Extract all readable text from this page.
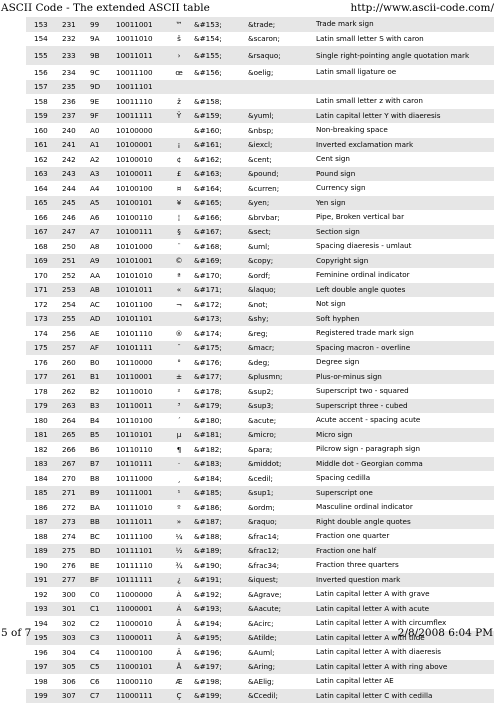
ASCII Code - The extended ASCII table	http://www.ascii-code.com/
153	231	99	10011001	™	&#153;	&trade;	Trade mark sign
154	232	9A	10011010	š	&#154;	&scaron;	Latin small letter S with caron
155	233	9B	10011011	›	&#155;	&rsaquo;	Single right-pointing angle quotation mark
156	234	9C	10011100	œ	&#156;	&oelig;	Latin small ligature oe
157	235	9D	10011101				
158	236	9E	10011110	ž	&#158;		Latin small letter z with caron
159	237	9F	10011111	Ÿ	&#159;	&yuml;	Latin capital letter Y with diaeresis
160	240	A0	10100000		&#160;	&nbsp;	Non-breaking space
161	241	A1	10100001	¡	&#161;	&iexcl;	Inverted exclamation mark
162	242	A2	10100010	¢	&#162;	&cent;	Cent sign
163	243	A3	10100011	£	&#163;	&pound;	Pound sign
164	244	A4	10100100	¤	&#164;	&curren;	Currency sign
165	245	A5	10100101	¥	&#165;	&yen;	Yen sign
166	246	A6	10100110	¦	&#166;	&brvbar;	Pipe, Broken vertical bar
167	247	A7	10100111	§	&#167;	&sect;	Section sign
168	250	A8	10101000	¨	&#168;	&uml;	Spacing diaeresis - umlaut
169	251	A9	10101001	©	&#169;	&copy;	Copyright sign
170	252	AA	10101010	ª	&#170;	&ordf;	Feminine ordinal indicator
171	253	AB	10101011	«	&#171;	&laquo;	Left double angle quotes
172	254	AC	10101100	¬	&#172;	&not;	Not sign
173	255	AD	10101101		&#173;	&shy;	Soft hyphen
174	256	AE	10101110	®	&#174;	&reg;	Registered trade mark sign
175	257	AF	10101111	¯	&#175;	&macr;	Spacing macron - overline
176	260	B0	10110000	°	&#176;	&deg;	Degree sign
177	261	B1	10110001	±	&#177;	&plusmn;	Plus-or-minus sign
178	262	B2	10110010	²	&#178;	&sup2;	Superscript two - squared
179	263	B3	10110011	³	&#179;	&sup3;	Superscript three - cubed
180	264	B4	10110100	´	&#180;	&acute;	Acute accent - spacing acute
181	265	B5	10110101	µ	&#181;	&micro;	Micro sign
182	266	B6	10110110	¶	&#182;	&para;	Pilcrow sign - paragraph sign
183	267	B7	10110111	·	&#183;	&middot;	Middle dot - Georgian comma
184	270	B8	10111000	¸	&#184;	&cedil;	Spacing cedilla
185	271	B9	10111001	¹	&#185;	&sup1;	Superscript one
186	272	BA	10111010	º	&#186;	&ordm;	Masculine ordinal indicator
187	273	BB	10111011	»	&#187;	&raquo;	Right double angle quotes
188	274	BC	10111100	¼	&#188;	&frac14;	Fraction one quarter
189	275	BD	10111101	½	&#189;	&frac12;	Fraction one half
190	276	BE	10111110	¾	&#190;	&frac34;	Fraction three quarters
191	277	BF	10111111	¿	&#191;	&iquest;	Inverted question mark
192	300	C0	11000000	À	&#192;	&Agrave;	Latin capital letter A with grave
193	301	C1	11000001	Á	&#193;	&Aacute;	Latin capital letter A with acute
194	302	C2	11000010	Â	&#194;	&Acirc;	Latin capital letter A with circumflex
195	303	C3	11000011	Ã	&#195;	&Atilde;	Latin capital letter A with tilde
196	304	C4	11000100	Ä	&#196;	&Auml;	Latin capital letter A with diaeresis
197	305	C5	11000101	Å	&#197;	&Aring;	Latin capital letter A with ring above
198	306	C6	11000110	Æ	&#198;	&AElig;	Latin capital letter AE
199	307	C7	11000111	Ç	&#199;	&Ccedil;	Latin capital letter C with cedilla
5 of 7	2/8/2008 6:04 PM
